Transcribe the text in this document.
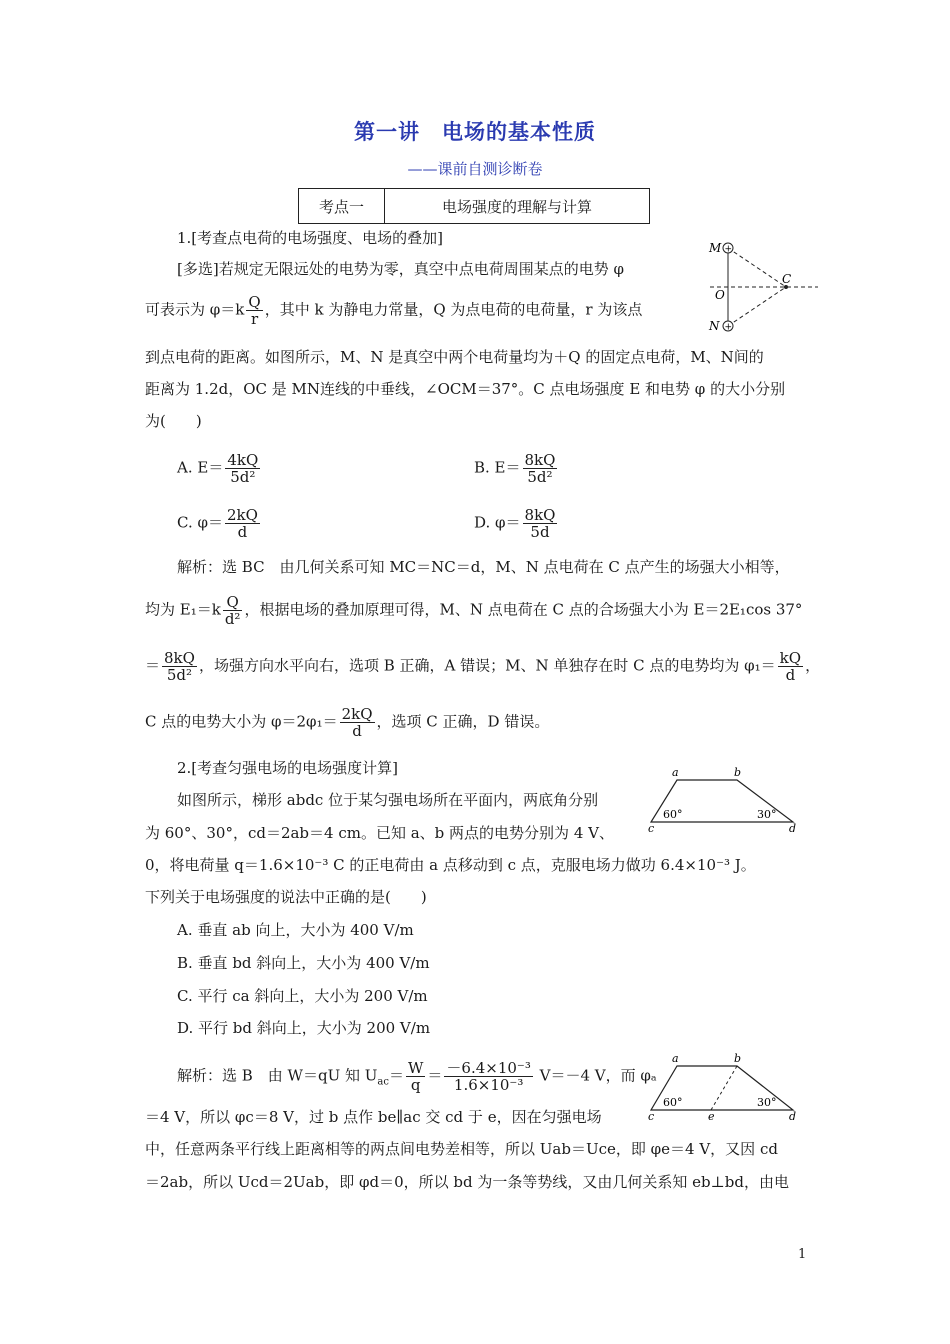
第一讲　电场的基本性质
——课前自测诊断卷
考点一	电场强度的理解与计算
1.[考查点电荷的电场强度、电场的叠加]
[多选]若规定无限远处的电势为零，真空中点电荷周围某点的电势 φ
可表示为 $\varphi=k \frac{Q}{r}$ ，其中 k 为静电力常量，Q 为点电荷的电荷量，r 为该点
到点电荷的距离。如图所示，M、N 是真空中两个电荷量均为＋Q 的固定点电荷，M、N间的
距离为 1.2d，OC 是 MN连线的中垂线，∠OCM＝37°。C 点电场强度 E 和电势 φ 的大小分别
为(　　)
+
+
M
N
O
C
A. $E= \frac{4kQ}{\text{5d²}}$	B. $E= \frac{8kQ}{\text{5d²}}$
C. $\varphi= \frac{2kQ}{d}$	D. $\varphi= \frac{8kQ}{5d}$
解析：选 BC　由几何关系可知 MC＝NC＝d，M、N 点电荷在 C 点产生的场强大小相等，
均为 $E_1=k \frac{Q}{\text{d²}}$ ，根据电场的叠加原理可得，M、N 点电荷在 C 点的合场强大小为 E＝2E₁cos 37°
＝ $\frac{8kQ}{\text{5d²}}$ ，场强方向水平向右，选项 B 正确，A 错误；M、N 单独存在时 C 点的电势均为 $\varphi_1= \frac{kQ}{d}$ ，
C 点的电势大小为 $\varphi=2\varphi_1= \frac{2kQ}{d}$ ，选项 C 正确，D 错误。
2.[考查匀强电场的电场强度计算]
如图所示，梯形 abdc 位于某匀强电场所在平面内，两底角分别
为 60°、30°，cd＝2ab＝4 cm。已知 a、b 两点的电势分别为 4 V、
0，将电荷量 q＝1.6×10⁻³ C 的正电荷由 a 点移动到 c 点，克服电场力做功 6.4×10⁻³ J。
下列关于电场强度的说法中正确的是(　　)
a	b
c	d
60°	30°
A. 垂直 ab 向上，大小为 400 V/m
B. 垂直 bd 斜向上，大小为 400 V/m
C. 平行 ca 斜向上，大小为 200 V/m
D. 平行 bd 斜向上，大小为 200 V/m
a	b
c	e	d
60°	30°
解析：选 B　由 W＝qU 知 $U_{ac}= \frac{W}{q} = \frac{\text{－6.4×10⁻³}}{\text{1.6×10⁻³}} V=-4$ V，而 φₐ
＝4 V，所以 φc＝8 V，过 b 点作 be∥ac 交 cd 于 e，因在匀强电场
中，任意两条平行线上距离相等的两点间电势差相等，所以 Uab＝Uce，即 φe＝4 V，又因 cd
＝2ab，所以 Ucd＝2Uab，即 φd＝0，所以 bd 为一条等势线，又由几何关系知 eb⊥bd，由电
1
